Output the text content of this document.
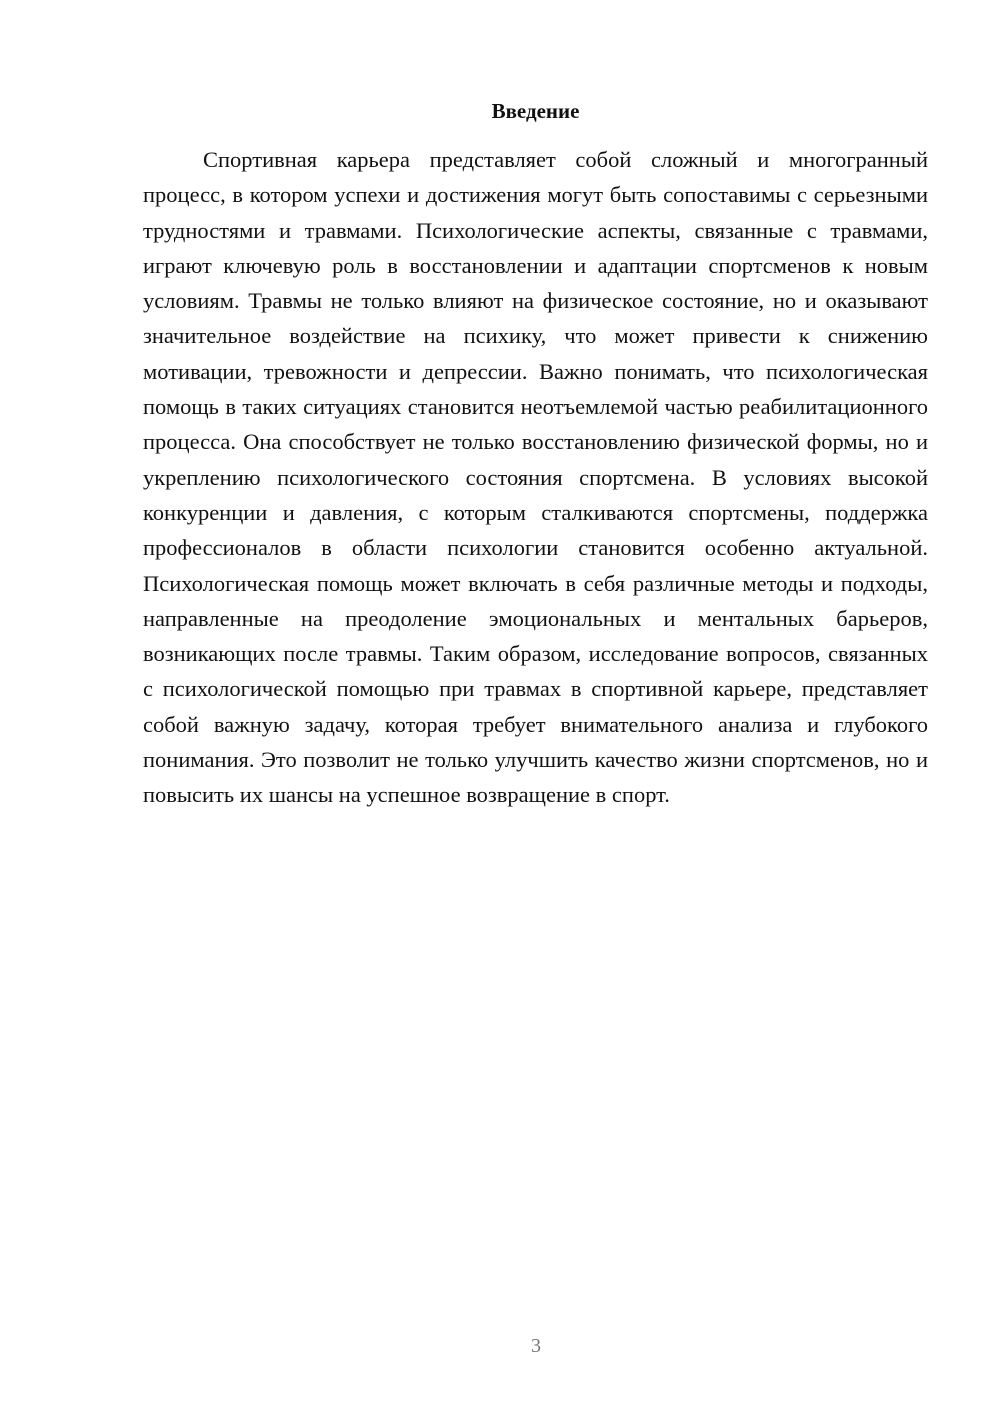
Введение

Спортивная карьера представляет собой сложный и многогранный процесс, в котором успехи и достижения могут быть сопоставимы с серьезными трудностями и травмами. Психологические аспекты, связанные с травмами, играют ключевую роль в восстановлении и адаптации спортсменов к новым условиям. Травмы не только влияют на физическое состояние, но и оказывают значительное воздействие на психику, что может привести к снижению мотивации, тревожности и депрессии. Важно понимать, что психологическая помощь в таких ситуациях становится неотъемлемой частью реабилитационного процесса. Она способствует не только восстановлению физической формы, но и укреплению психологического состояния спортсмена. В условиях высокой конкуренции и давления, с которым сталкиваются спортсмены, поддержка профессионалов в области психологии становится особенно актуальной. Психологическая помощь может включать в себя различные методы и подходы, направленные на преодоление эмоциональных и ментальных барьеров, возникающих после травмы. Таким образом, исследование вопросов, связанных с психологической помощью при травмах в спортивной карьере, представляет собой важную задачу, которая требует внимательного анализа и глубокого понимания. Это позволит не только улучшить качество жизни спортсменов, но и повысить их шансы на успешное возвращение в спорт.

3
